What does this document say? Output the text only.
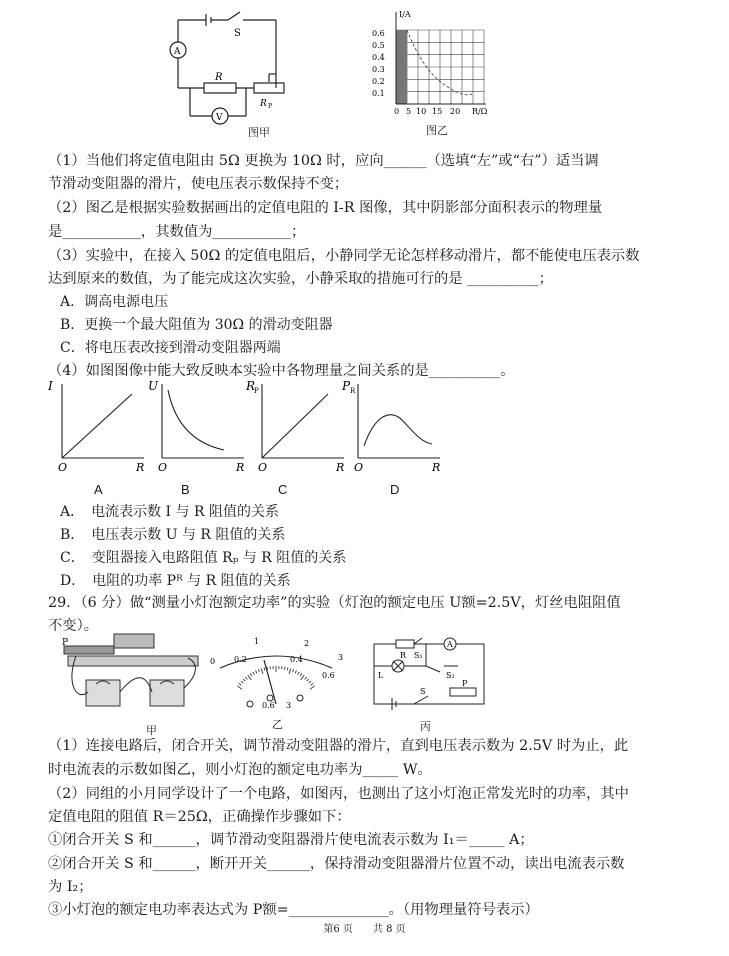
A
V
S
R
R P
图甲
I/A
0.6
0.5
0.4
0.3
0.2
0.1
0 5 10 15 20 R/Ω
图乙
（1）当他们将定值电阻由 5Ω 更换为 10Ω 时，应向______（选填“左”或“右”）适当调
节滑动变阻器的滑片，使电压表示数保持不变；
（2）图乙是根据实验数据画出的定值电阻的 I-R 图像，其中阴影部分面积表示的物理量
是___________，其数值为___________；
（3）实验中，在接入 50Ω 的定值电阻后，小静同学无论怎样移动滑片，都不能使电压表示数
达到原来的数值，为了能完成这次实验，小静采取的措施可行的是 __________；
A．调高电源电压
B．更换一个最大阻值为 30Ω 的滑动变阻器
C．将电压表改接到滑动变阻器两端
（4）如图图像中能大致反映本实验中各物理量之间关系的是__________。
I
O	R
U
O	R
R
P
O	R
P R
O	R
A	B	C	D
A．　电流表示数 I 与 R 阻值的关系
B．　电压表示数 U 与 R 阻值的关系
C．　变阻器接入电路阻值 Rₚ 与 R 阻值的关系
D．　电阻的功率 Pᴿ 与 R 阻值的关系
29．（6 分）做“测量小灯泡额定功率”的实验（灯泡的额定电压 U额=2.5V，灯丝电阻阻值
不变）。
P
甲
0
1
0.2
2
0.4	3
0.6
0.6 3
乙
R S₁
A
L	S₂
S
P
丙
（1）连接电路后，闭合开关，调节滑动变阻器的滑片，直到电压表示数为 2.5V 时为止，此
时电流表的示数如图乙，则小灯泡的额定电功率为_____ W。
（2）同组的小月同学设计了一个电路，如图丙，也测出了这小灯泡正常发光时的功率，其中
定值电阻的阻值 R＝25Ω，正确操作步骤如下：
①闭合开关 S 和______，调节滑动变阻器滑片使电流表示数为 I₁＝_____ A；
②闭合开关 S 和______，断开开关______，保持滑动变阻器滑片位置不动，读出电流表示数
为 I₂；
③小灯泡的额定电功率表达式为 P额=______________。（用物理量符号表示）
第6 页　　共 8 页
